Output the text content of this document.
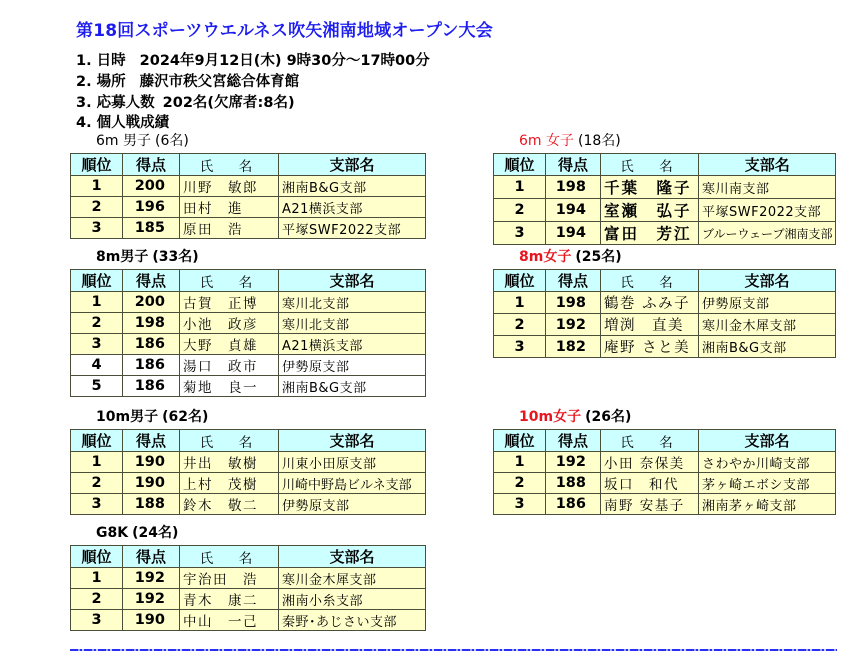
第18回スポーツウエルネス吹矢湘南地域オープン大会
1. 日時 2024年9月12日(木) 9時30分～17時00分
2. 場所 藤沢市秩父宮総合体育館
3. 応募人数 202名(欠席者:8名)
4. 個人戦成績
6m 男子 (6名)
順位	得点	氏　名	支部名
1	200	川野　敏郎	湘南B&G支部
2	196	田村　進	A21横浜支部
3	185	原田　浩	平塚SWF2022支部
6m 女子 (18名)
順位	得点	氏　名	支部名
1	198	千葉　隆子	寒川南支部
2	194	室瀬　弘子	平塚SWF2022支部
3	194	富田　芳江	ブルーウェーブ湘南支部
8m男子 (33名)
順位	得点	氏　名	支部名
1	200	古賀　正博	寒川北支部
2	198	小池　政彦	寒川北支部
3	186	大野　貞雄	A21横浜支部
4	186	湯口　政市	伊勢原支部
5	186	菊地　良一	湘南B&G支部
8m女子 (25名)
順位	得点	氏　名	支部名
1	198	鶴巻 ふみ子	伊勢原支部
2	192	増渕　直美	寒川金木犀支部
3	182	庵野 さと美	湘南B&G支部
10m男子 (62名)
順位	得点	氏　名	支部名
1	190	井出　敏樹	川東小田原支部
2	190	上村　茂樹	川崎中野島ビルネ支部
3	188	鈴木　敬二	伊勢原支部
10m女子 (26名)
順位	得点	氏　名	支部名
1	192	小田 奈保美	さわやか川崎支部
2	188	坂口　和代	茅ヶ崎エボシ支部
3	186	南野 安基子	湘南茅ヶ崎支部
G8K (24名)
順位	得点	氏　名	支部名
1	192	宇治田　浩	寒川金木犀支部
2	192	青木　康二	湘南小糸支部
3	190	中山　一己	秦野･あじさい支部
